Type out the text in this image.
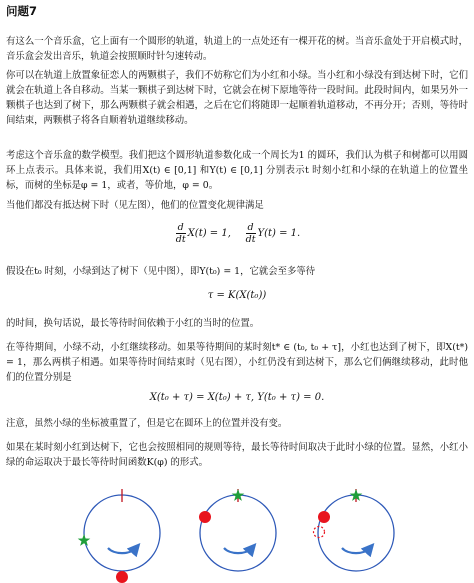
问题7

有这么一个音乐盒，它上面有一个圆形的轨道，轨道上的一点处还有一棵开花的树。当音乐盒处于开启模式时，音乐盒会发出音乐，轨道会按照顺时针匀速转动。

你可以在轨道上放置象征恋人的两颗棋子，我们不妨称它们为小红和小绿。当小红和小绿没有到达树下时，它们就会在轨道上各自移动。当某一颗棋子到达树下时，它就会在树下原地等待一段时间。此段时间内，如果另外一颗棋子也达到了树下，那么两颗棋子就会相遇，之后在它们将随即一起顺着轨道移动，不再分开；否则，等待时间结束，两颗棋子将各自顺着轨道继续移动。

考虑这个音乐盒的数学模型。我们把这个圆形轨道参数化成一个周长为1 的圆环，我们认为棋子和树都可以用圆环上点表示。具体来说，我们用X(t) ∈ [0,1] 和Y(t) ∈ [0,1] 分别表示t 时刻小红和小绿的在轨道上的位置坐标，而树的坐标是φ = 1，或者，等价地，φ = 0。

当他们都没有抵达树下时（见左图），他们的位置变化规律满足

$\frac{d}{dt} X(t) = 1$, $\frac{d}{dt} Y(t) = 1$.

假设在t₀ 时刻，小绿到达了树下（见中图），即Y(t₀) = 1，它就会至多等待

τ = K(X(t₀))

的时间，换句话说，最长等待时间依赖于小红的当时的位置。

在等待期间，小绿不动，小红继续移动。如果等待期间的某时刻t* ∈ (t₀, t₀ + τ]，小红也达到了树下，即X(t*) = 1，那么两棋子相遇。如果等待时间结束时（见右图），小红仍没有到达树下，那么它们俩继续移动，此时他们的位置分别是

X(t₀ + τ) = X(t₀) + τ, Y(t₀ + τ) = 0.

注意，虽然小绿的坐标被重置了，但是它在圆环上的位置并没有变。

如果在某时刻小红到达树下，它也会按照相同的规则等待，最长等待时间取决于此时小绿的位置。显然，小红小绿的命运取决于最长等待时间函数K(φ) 的形式。
